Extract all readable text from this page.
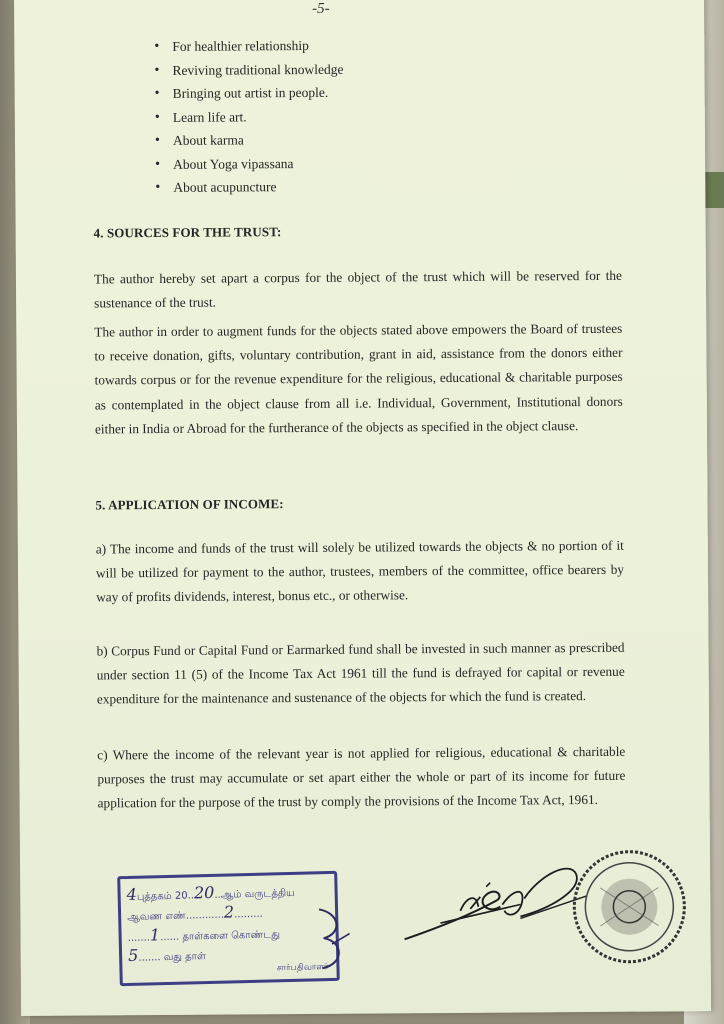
-5-
• For healthier relationship
• Reviving traditional knowledge
• Bringing out artist in people.
• Learn life art.
• About karma
• About Yoga vipassana
• About acupuncture
4. SOURCES FOR THE TRUST:

The author hereby set apart a corpus for the object of the trust which will be reserved for the sustenance of the trust.

The author in order to augment funds for the objects stated above empowers the Board of trustees to receive donation, gifts, voluntary contribution, grant in aid, assistance from the donors either towards corpus or for the revenue expenditure for the religious, educational & charitable purposes as contemplated in the object clause from all i.e. Individual, Government, Institutional donors either in India or Abroad for the furtherance of the objects as specified in the object clause.

5. APPLICATION OF INCOME:

a) The income and funds of the trust will solely be utilized towards the objects & no portion of it will be utilized for payment to the author, trustees, members of the committee, office bearers by way of profits dividends, interest, bonus etc., or otherwise.

b) Corpus Fund or Capital Fund or Earmarked fund shall be invested in such manner as prescribed under section 11 (5) of the Income Tax Act 1961 till the fund is defrayed for capital or revenue expenditure for the maintenance and sustenance of the objects for which the fund is created.

c) Where the income of the relevant year is not applied for religious, educational & charitable purposes the trust may accumulate or set apart either the whole or part of its income for future application for the purpose of the trust by comply the provisions of the Income Tax Act, 1961.

4புத்தகம் 20..20..ஆம் வருடத்திய
ஆவண எண்............2.........
.......1...... தாள்களை கொண்டது
5....... வது தாள்
சார்பதிவாளர்
